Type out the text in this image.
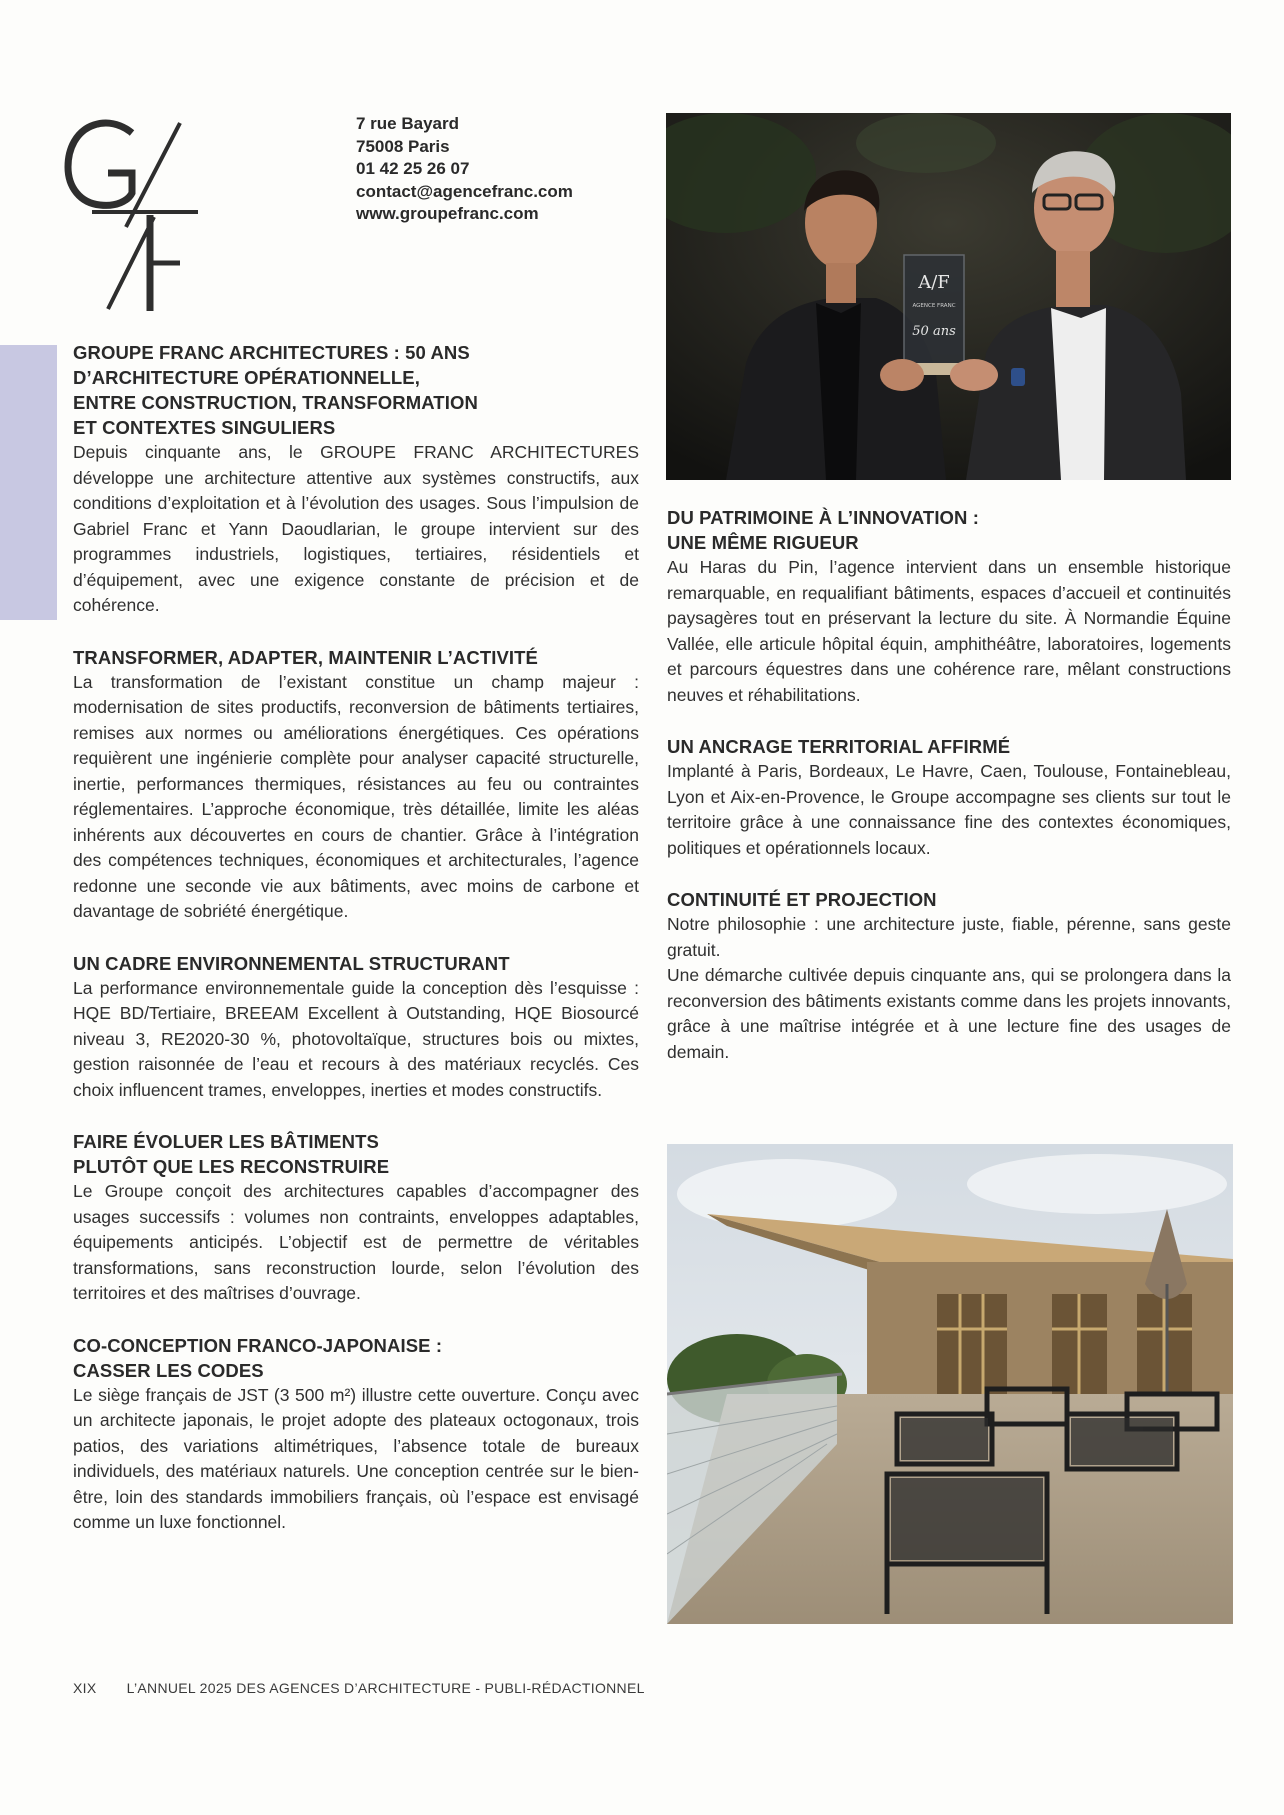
7 rue Bayard
75008 Paris
01 42 25 26 07
contact@agencefranc.com
www.groupefranc.com
A/F
AGENCE FRANC
50 ans
GROUPE FRANC ARCHITECTURES : 50 ANS
D’ARCHITECTURE OPÉRATIONNELLE,
ENTRE CONSTRUCTION, TRANSFORMATION
ET CONTEXTES SINGULIERS

Depuis cinquante ans, le GROUPE FRANC ARCHITECTURES développe une architecture attentive aux systèmes constructifs, aux conditions d’exploitation et à l’évolution des usages. Sous l’impulsion de Gabriel Franc et Yann Daoudlarian, le groupe intervient sur des programmes industriels, logistiques, tertiaires, résidentiels et d’équipement, avec une exigence constante de précision et de cohérence.

TRANSFORMER, ADAPTER, MAINTENIR L’ACTIVITÉ

La transformation de l’existant constitue un champ majeur : modernisation de sites productifs, reconversion de bâtiments tertiaires, remises aux normes ou améliorations énergétiques. Ces opérations requièrent une ingénierie complète pour analyser capacité structurelle, inertie, performances thermiques, résistances au feu ou contraintes réglementaires. L’approche économique, très détaillée, limite les aléas inhérents aux découvertes en cours de chantier. Grâce à l’intégration des compétences techniques, économiques et architecturales, l’agence redonne une seconde vie aux bâtiments, avec moins de carbone et davantage de sobriété énergétique.

UN CADRE ENVIRONNEMENTAL STRUCTURANT

La performance environnementale guide la conception dès l’esquisse : HQE BD/Tertiaire, BREEAM Excellent à Outstanding, HQE Biosourcé niveau 3, RE2020-30 %, photovoltaïque, structures bois ou mixtes, gestion raisonnée de l’eau et recours à des matériaux recyclés. Ces choix influencent trames, enveloppes, inerties et modes constructifs.

FAIRE ÉVOLUER LES BÂTIMENTS
PLUTÔT QUE LES RECONSTRUIRE

Le Groupe conçoit des architectures capables d’accompagner des usages successifs : volumes non contraints, enveloppes adaptables, équipements anticipés. L’objectif est de permettre de véritables transformations, sans reconstruction lourde, selon l’évolution des territoires et des maîtrises d’ouvrage.

CO-CONCEPTION FRANCO-JAPONAISE :
CASSER LES CODES

Le siège français de JST (3 500 m²) illustre cette ouverture. Conçu avec un architecte japonais, le projet adopte des plateaux octogonaux, trois patios, des variations altimétriques, l’absence totale de bureaux individuels, des matériaux naturels. Une conception centrée sur le bien-être, loin des standards immobiliers français, où l’espace est envisagé comme un luxe fonctionnel.

DU PATRIMOINE À L’INNOVATION :
UNE MÊME RIGUEUR

Au Haras du Pin, l’agence intervient dans un ensemble historique remarquable, en requalifiant bâtiments, espaces d’accueil et continuités paysagères tout en préservant la lecture du site. À Normandie Équine Vallée, elle articule hôpital équin, amphithéâtre, laboratoires, logements et parcours équestres dans une cohérence rare, mêlant constructions neuves et réhabilitations.

UN ANCRAGE TERRITORIAL AFFIRMÉ

Implanté à Paris, Bordeaux, Le Havre, Caen, Toulouse, Fontainebleau, Lyon et Aix-en-Provence, le Groupe accompagne ses clients sur tout le territoire grâce à une connaissance fine des contextes économiques, politiques et opérationnels locaux.

CONTINUITÉ ET PROJECTION

Notre philosophie : une architecture juste, fiable, pérenne, sans geste gratuit.

Une démarche cultivée depuis cinquante ans, qui se prolongera dans la reconversion des bâtiments existants comme dans les projets innovants, grâce à une maîtrise intégrée et à une lecture fine des usages de demain.

XIX L’ANNUEL 2025 DES AGENCES D’ARCHITECTURE - PUBLI-RÉDACTIONNEL
